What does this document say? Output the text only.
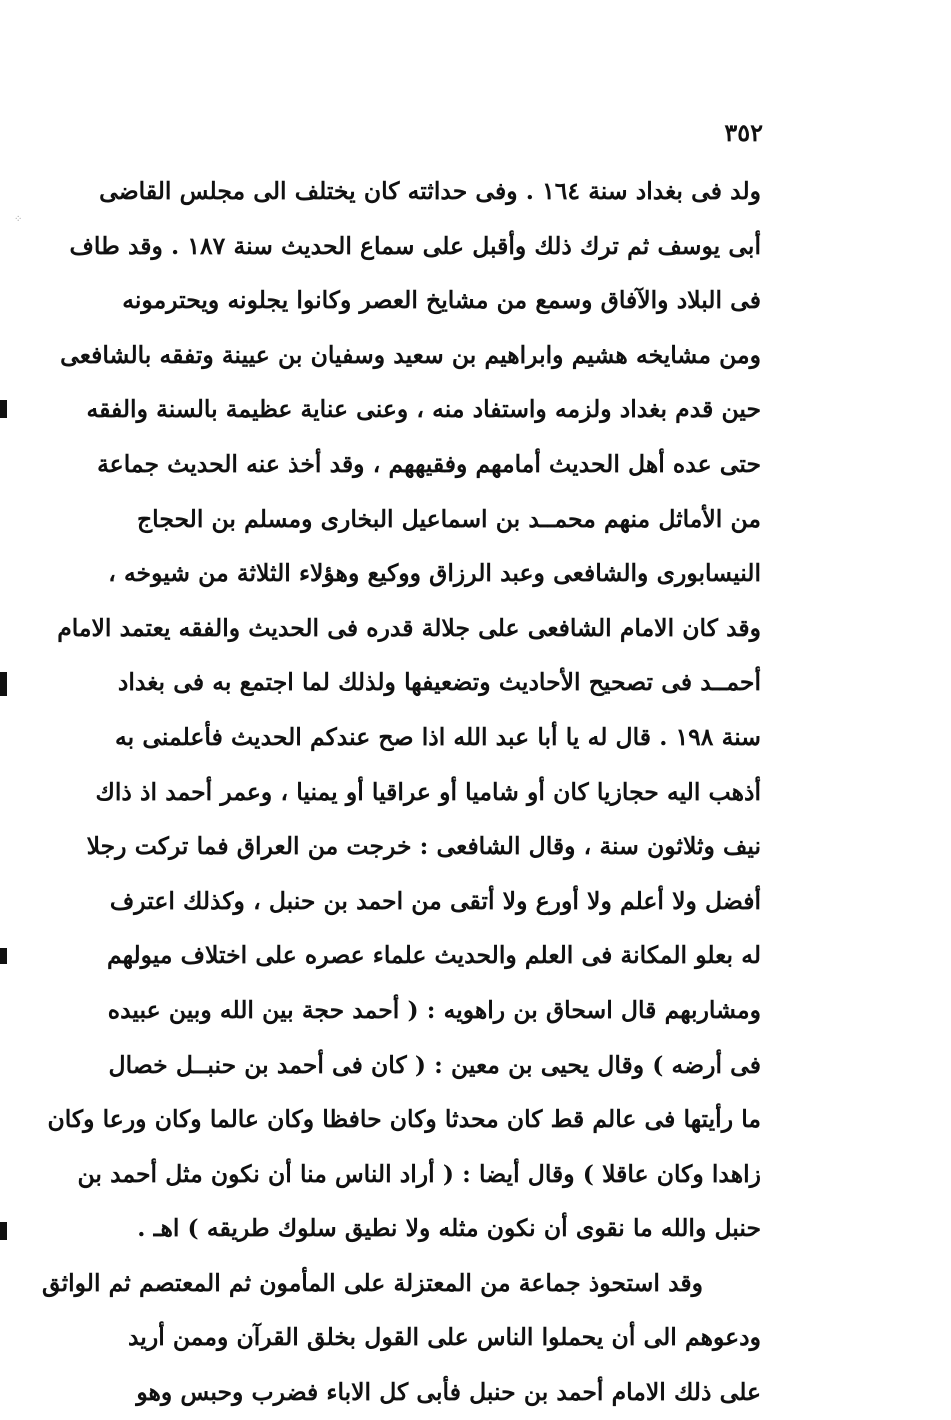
٣٥٢
⁘
ولد فى بغداد سنة ١٦٤ . وفى حداثته كان يختلف الى مجلس القاضى
أبى يوسف ثم ترك ذلك وأقبل على سماع الحديث سنة ١٨٧ . وقد طاف
فى البلاد والآفاق وسمع من مشايخ العصر وكانوا يجلونه ويحترمونه
ومن مشايخه هشيم وابراهيم بن سعيد وسفيان بن عيينة وتفقه بالشافعى
حين قدم بغداد ولزمه واستفاد منه ، وعنى عناية عظيمة بالسنة والفقه
حتى عده أهل الحديث أمامهم وفقيههم ، وقد أخذ عنه الحديث جماعة
من الأماثل منهم محمــد بن اسماعيل البخارى ومسلم بن الحجاج
النيسابورى والشافعى وعبد الرزاق ووكيع وهؤلاء الثلاثة من شيوخه ،
وقد كان الامام الشافعى على جلالة قدره فى الحديث والفقه يعتمد الامام
أحمــد فى تصحيح الأحاديث وتضعيفها ولذلك لما اجتمع به فى بغداد
سنة ١٩٨ . قال له يا أبا عبد الله اذا صح عندكم الحديث فأعلمنى به
أذهب اليه حجازيا كان أو شاميا أو عراقيا أو يمنيا ، وعمر أحمد اذ ذاك
نيف وثلاثون سنة ، وقال الشافعى : خرجت من العراق فما تركت رجلا
أفضل ولا أعلم ولا أورع ولا أتقى من احمد بن حنبل ، وكذلك اعترف
له بعلو المكانة فى العلم والحديث علماء عصره على اختلاف ميولهم
ومشاربهم قال اسحاق بن راهويه : ( أحمد حجة بين الله وبين عبيده
فى أرضه ) وقال يحيى بن معين : ( كان فى أحمد بن حنبــل خصال
ما رأيتها فى عالم قط كان محدثا وكان حافظا وكان عالما وكان ورعا وكان
زاهدا وكان عاقلا ) وقال أيضا : ( أراد الناس منا أن نكون مثل أحمد بن
حنبل والله ما نقوى أن نكون مثله ولا نطيق سلوك طريقه ) اهـ .
وقد استحوذ جماعة من المعتزلة على المأمون ثم المعتصم ثم الواثق
ودعوهم الى أن يحملوا الناس على القول بخلق القرآن وممن أريد
على ذلك الامام أحمد بن حنبل فأبى كل الاباء فضرب وحبس وهو
